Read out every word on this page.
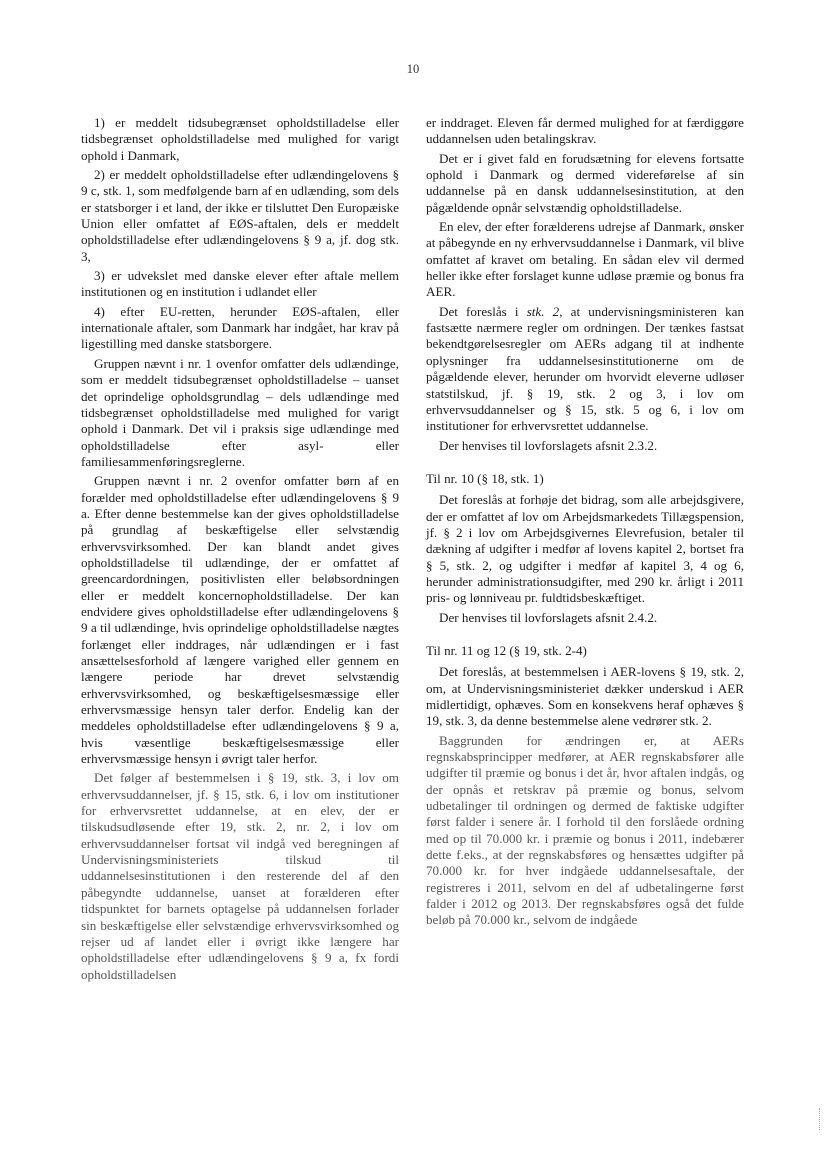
10

1) er meddelt tidsubegrænset opholdstilladelse eller tidsbegrænset opholdstilladelse med mulighed for varigt ophold i Danmark,

2) er meddelt opholdstilladelse efter udlændingelovens § 9 c, stk. 1, som medfølgende barn af en udlænding, som dels er statsborger i et land, der ikke er tilsluttet Den Europæiske Union eller omfattet af EØS-aftalen, dels er meddelt opholdstilladelse efter udlændingelovens § 9 a, jf. dog stk. 3,

3) er udvekslet med danske elever efter aftale mellem institutionen og en institution i udlandet eller

4) efter EU-retten, herunder EØS-aftalen, eller internationale aftaler, som Danmark har indgået, har krav på ligestilling med danske statsborgere.

Gruppen nævnt i nr. 1 ovenfor omfatter dels udlændinge, som er meddelt tidsubegrænset opholdstilladelse – uanset det oprindelige opholdsgrundlag – dels udlændinge med tidsbegrænset opholdstilladelse med mulighed for varigt ophold i Danmark. Det vil i praksis sige udlændinge med opholdstilladelse efter asyl- eller familiesammenføringsreglerne.

Gruppen nævnt i nr. 2 ovenfor omfatter børn af en forælder med opholdstilladelse efter udlændingelovens § 9 a. Efter denne bestemmelse kan der gives opholdstilladelse på grundlag af beskæftigelse eller selvstændig erhvervsvirksomhed. Der kan blandt andet gives opholdstilladelse til udlændinge, der er omfattet af greencardordningen, positivlisten eller beløbsordningen eller er meddelt koncernopholdstilladelse. Der kan endvidere gives opholdstilladelse efter udlændingelovens § 9 a til udlændinge, hvis oprindelige opholdstilladelse nægtes forlænget eller inddrages, når udlændingen er i fast ansættelsesforhold af længere varighed eller gennem en længere periode har drevet selvstændig erhvervsvirksomhed, og beskæftigelsesmæssige eller erhvervsmæssige hensyn taler derfor. Endelig kan der meddeles opholdstilladelse efter udlændingelovens § 9 a, hvis væsentlige beskæftigelsesmæssige eller erhvervsmæssige hensyn i øvrigt taler herfor.

Det følger af bestemmelsen i § 19, stk. 3, i lov om erhvervsuddannelser, jf. § 15, stk. 6, i lov om institutioner for erhvervsrettet uddannelse, at en elev, der er tilskudsudløsende efter 19, stk. 2, nr. 2, i lov om erhvervsuddannelser fortsat vil indgå ved beregningen af Undervisningsministeriets tilskud til uddannelsesinstitutionen i den resterende del af den påbegyndte uddannelse, uanset at forælderen efter tidspunktet for barnets optagelse på uddannelsen forlader sin beskæftigelse eller selvstændige erhvervsvirksomhed og rejser ud af landet eller i øvrigt ikke længere har opholdstilladelse efter udlændingelovens § 9 a, fx fordi opholdstilladelsen

er inddraget. Eleven får dermed mulighed for at færdiggøre uddannelsen uden betalingskrav.

Det er i givet fald en forudsætning for elevens fortsatte ophold i Danmark og dermed videreførelse af sin uddannelse på en dansk uddannelsesinstitution, at den pågældende opnår selvstændig opholdstilladelse.

En elev, der efter forælderens udrejse af Danmark, ønsker at påbegynde en ny erhvervsuddannelse i Danmark, vil blive omfattet af kravet om betaling. En sådan elev vil dermed heller ikke efter forslaget kunne udløse præmie og bonus fra AER.

Det foreslås i stk. 2, at undervisningsministeren kan fastsætte nærmere regler om ordningen. Der tænkes fastsat bekendtgørelsesregler om AERs adgang til at indhente oplysninger fra uddannelsesinstitutionerne om de pågældende elever, herunder om hvorvidt eleverne udløser statstilskud, jf. § 19, stk. 2 og 3, i lov om erhvervsuddannelser og § 15, stk. 5 og 6, i lov om institutioner for erhvervsrettet uddannelse.

Der henvises til lovforslagets afsnit 2.3.2.

Til nr. 10 (§ 18, stk. 1)

Det foreslås at forhøje det bidrag, som alle arbejdsgivere, der er omfattet af lov om Arbejdsmarkedets Tillægspension, jf. § 2 i lov om Arbejdsgivernes Elevrefusion, betaler til dækning af udgifter i medfør af lovens kapitel 2, bortset fra § 5, stk. 2, og udgifter i medfør af kapitel 3, 4 og 6, herunder administrationsudgifter, med 290 kr. årligt i 2011 pris- og lønniveau pr. fuldtidsbeskæftiget.

Der henvises til lovforslagets afsnit 2.4.2.

Til nr. 11 og 12 (§ 19, stk. 2-4)

Det foreslås, at bestemmelsen i AER-lovens § 19, stk. 2, om, at Undervisningsministeriet dækker underskud i AER midlertidigt, ophæves. Som en konsekvens heraf ophæves § 19, stk. 3, da denne bestemmelse alene vedrører stk. 2.

Baggrunden for ændringen er, at AERs regnskabsprincipper medfører, at AER regnskabsfører alle udgifter til præmie og bonus i det år, hvor aftalen indgås, og der opnås et retskrav på præmie og bonus, selvom udbetalinger til ordningen og dermed de faktiske udgifter først falder i senere år. I forhold til den forslåede ordning med op til 70.000 kr. i præmie og bonus i 2011, indebærer dette f.eks., at der regnskabsføres og hensættes udgifter på 70.000 kr. for hver indgåede uddannelsesaftale, der registreres i 2011, selvom en del af udbetalingerne først falder i 2012 og 2013. Der regnskabsføres også det fulde beløb på 70.000 kr., selvom de indgåede
